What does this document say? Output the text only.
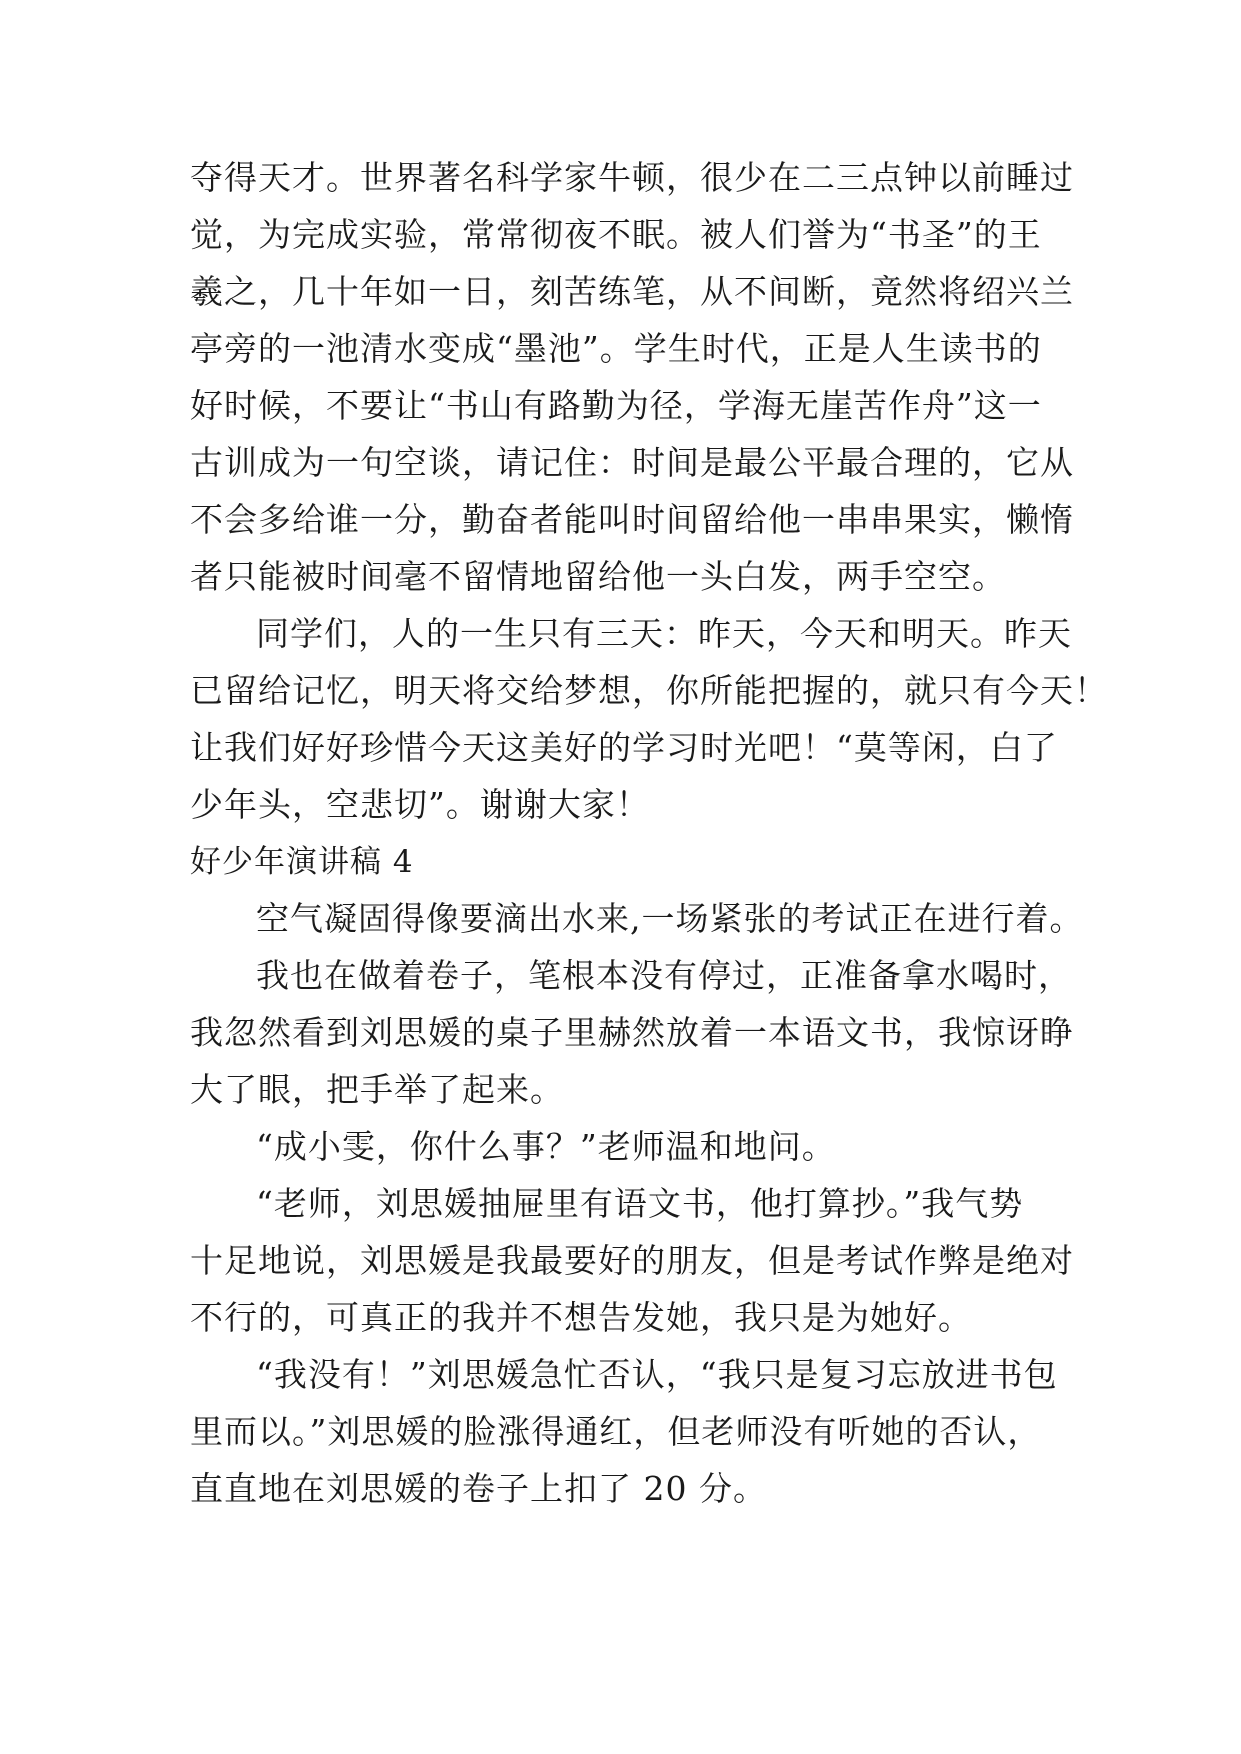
夺得天才。世界著名科学家牛顿，很少在二三点钟以前睡过
觉，为完成实验，常常彻夜不眠。被人们誉为“书圣”的王
羲之，几十年如一日，刻苦练笔，从不间断，竟然将绍兴兰
亭旁的一池清水变成“墨池”。学生时代，正是人生读书的
好时候，不要让“书山有路勤为径，学海无崖苦作舟”这一
古训成为一句空谈，请记住：时间是最公平最合理的，它从
不会多给谁一分，勤奋者能叫时间留给他一串串果实，懒惰
者只能被时间毫不留情地留给他一头白发，两手空空。
同学们，人的一生只有三天：昨天，今天和明天。昨天
已留给记忆，明天将交给梦想，你所能把握的，就只有今天！
让我们好好珍惜今天这美好的学习时光吧！“莫等闲，白了
少年头，空悲切”。谢谢大家！
好少年演讲稿 4
空气凝固得像要滴出水来,一场紧张的考试正在进行着。
我也在做着卷子，笔根本没有停过，正准备拿水喝时，
我忽然看到刘思媛的桌子里赫然放着一本语文书，我惊讶睁
大了眼，把手举了起来。
“成小雯，你什么事？”老师温和地问。
“老师，刘思媛抽屉里有语文书，他打算抄。”我气势
十足地说，刘思媛是我最要好的朋友，但是考试作弊是绝对
不行的，可真正的我并不想告发她，我只是为她好。
“我没有！”刘思媛急忙否认，“我只是复习忘放进书包
里而以。”刘思媛的脸涨得通红，但老师没有听她的否认，
直直地在刘思媛的卷子上扣了 20 分。
